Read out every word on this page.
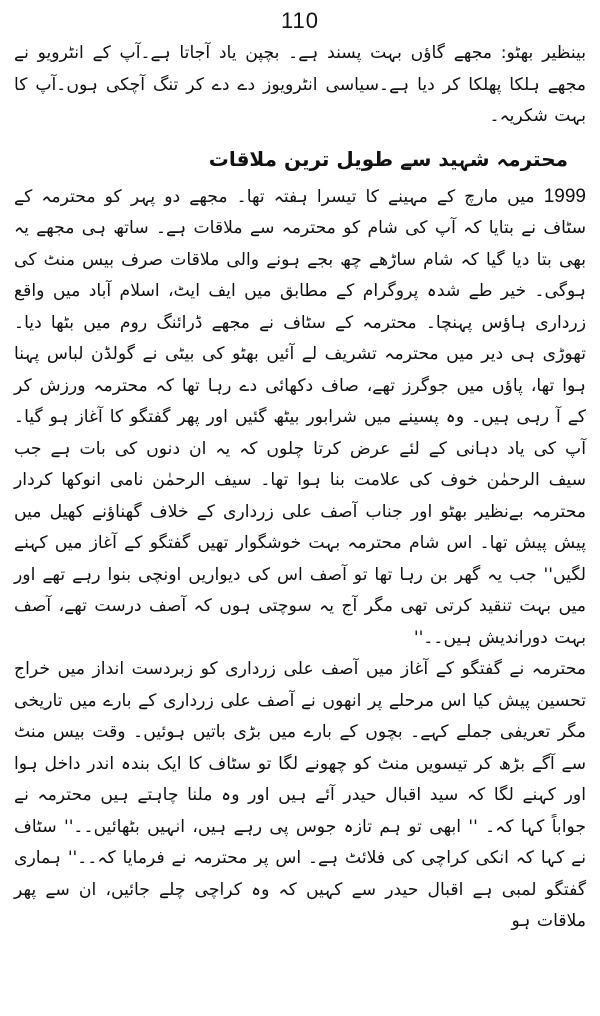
110

بینظیر بھٹو: مجھے گاؤں بہت پسند ہے۔ بچپن یاد آجاتا ہے۔آپ کے انٹرویو نے مجھے ہلکا پھلکا کر دیا ہے۔سیاسی انٹرویوز دے دے کر تنگ آچکی ہوں۔آپ کا بہت شکریہ۔

محترمہ شہید سے طویل ترین ملاقات

1999 میں مارچ کے مہینے کا تیسرا ہفتہ تھا۔ مجھے دو پہر کو محترمہ کے سٹاف نے بتایا کہ آپ کی شام کو محترمہ سے ملاقات ہے۔ ساتھ ہی مجھے یہ بھی بتا دیا گیا کہ شام ساڑھے چھ بجے ہونے والی ملاقات صرف بیس منٹ کی ہوگی۔ خیر طے شدہ پروگرام کے مطابق میں ایف ایٹ، اسلام آباد میں واقع زرداری ہاؤس پہنچا۔ محترمہ کے سٹاف نے مجھے ڈرائنگ روم میں بٹھا دیا۔ تھوڑی ہی دیر میں محترمہ تشریف لے آئیں بھٹو کی بیٹی نے گولڈن لباس پہنا ہوا تھا، پاؤں میں جوگرز تھے، صاف دکھائی دے رہا تھا کہ محترمہ ورزش کر کے آ رہی ہیں۔ وہ پسینے میں شرابور بیٹھ گئیں اور پھر گفتگو کا آغاز ہو گیا۔ آپ کی یاد دہانی کے لئے عرض کرتا چلوں کہ یہ ان دنوں کی بات ہے جب سیف الرحمٰن خوف کی علامت بنا ہوا تھا۔ سیف الرحمٰن نامی انوکھا کردار محترمہ بےنظیر بھٹو اور جناب آصف علی زرداری کے خلاف گھناؤنے کھیل میں پیش پیش تھا۔ اس شام محترمہ بہت خوشگوار تھیں گفتگو کے آغاز میں کہنے لگیں'' جب یہ گھر بن رہا تھا تو آصف اس کی دیواریں اونچی بنوا رہے تھے اور میں بہت تنقید کرتی تھی مگر آج یہ سوچتی ہوں کہ آصف درست تھے، آصف بہت دوراندیش ہیں۔۔''

محترمہ نے گفتگو کے آغاز میں آصف علی زرداری کو زبردست انداز میں خراج تحسین پیش کیا اس مرحلے پر انھوں نے آصف علی زرداری کے بارے میں تاریخی مگر تعریفی جملے کہے۔ بچوں کے بارے میں بڑی باتیں ہوئیں۔ وقت بیس منٹ سے آگے بڑھ کر تیسویں منٹ کو چھونے لگا تو سٹاف کا ایک بندہ اندر داخل ہوا اور کہنے لگا کہ سید اقبال حیدر آئے ہیں اور وہ ملنا چاہتے ہیں محترمہ نے جواباً کہا کہ۔ '' ابھی تو ہم تازہ جوس پی رہے ہیں، انہیں بٹھائیں۔۔'' سٹاف نے کہا کہ انکی کراچی کی فلائٹ ہے۔ اس پر محترمہ نے فرمایا کہ۔۔'' ہماری گفتگو لمبی ہے اقبال حیدر سے کہیں کہ وہ کراچی چلے جائیں، ان سے پھر ملاقات ہو
